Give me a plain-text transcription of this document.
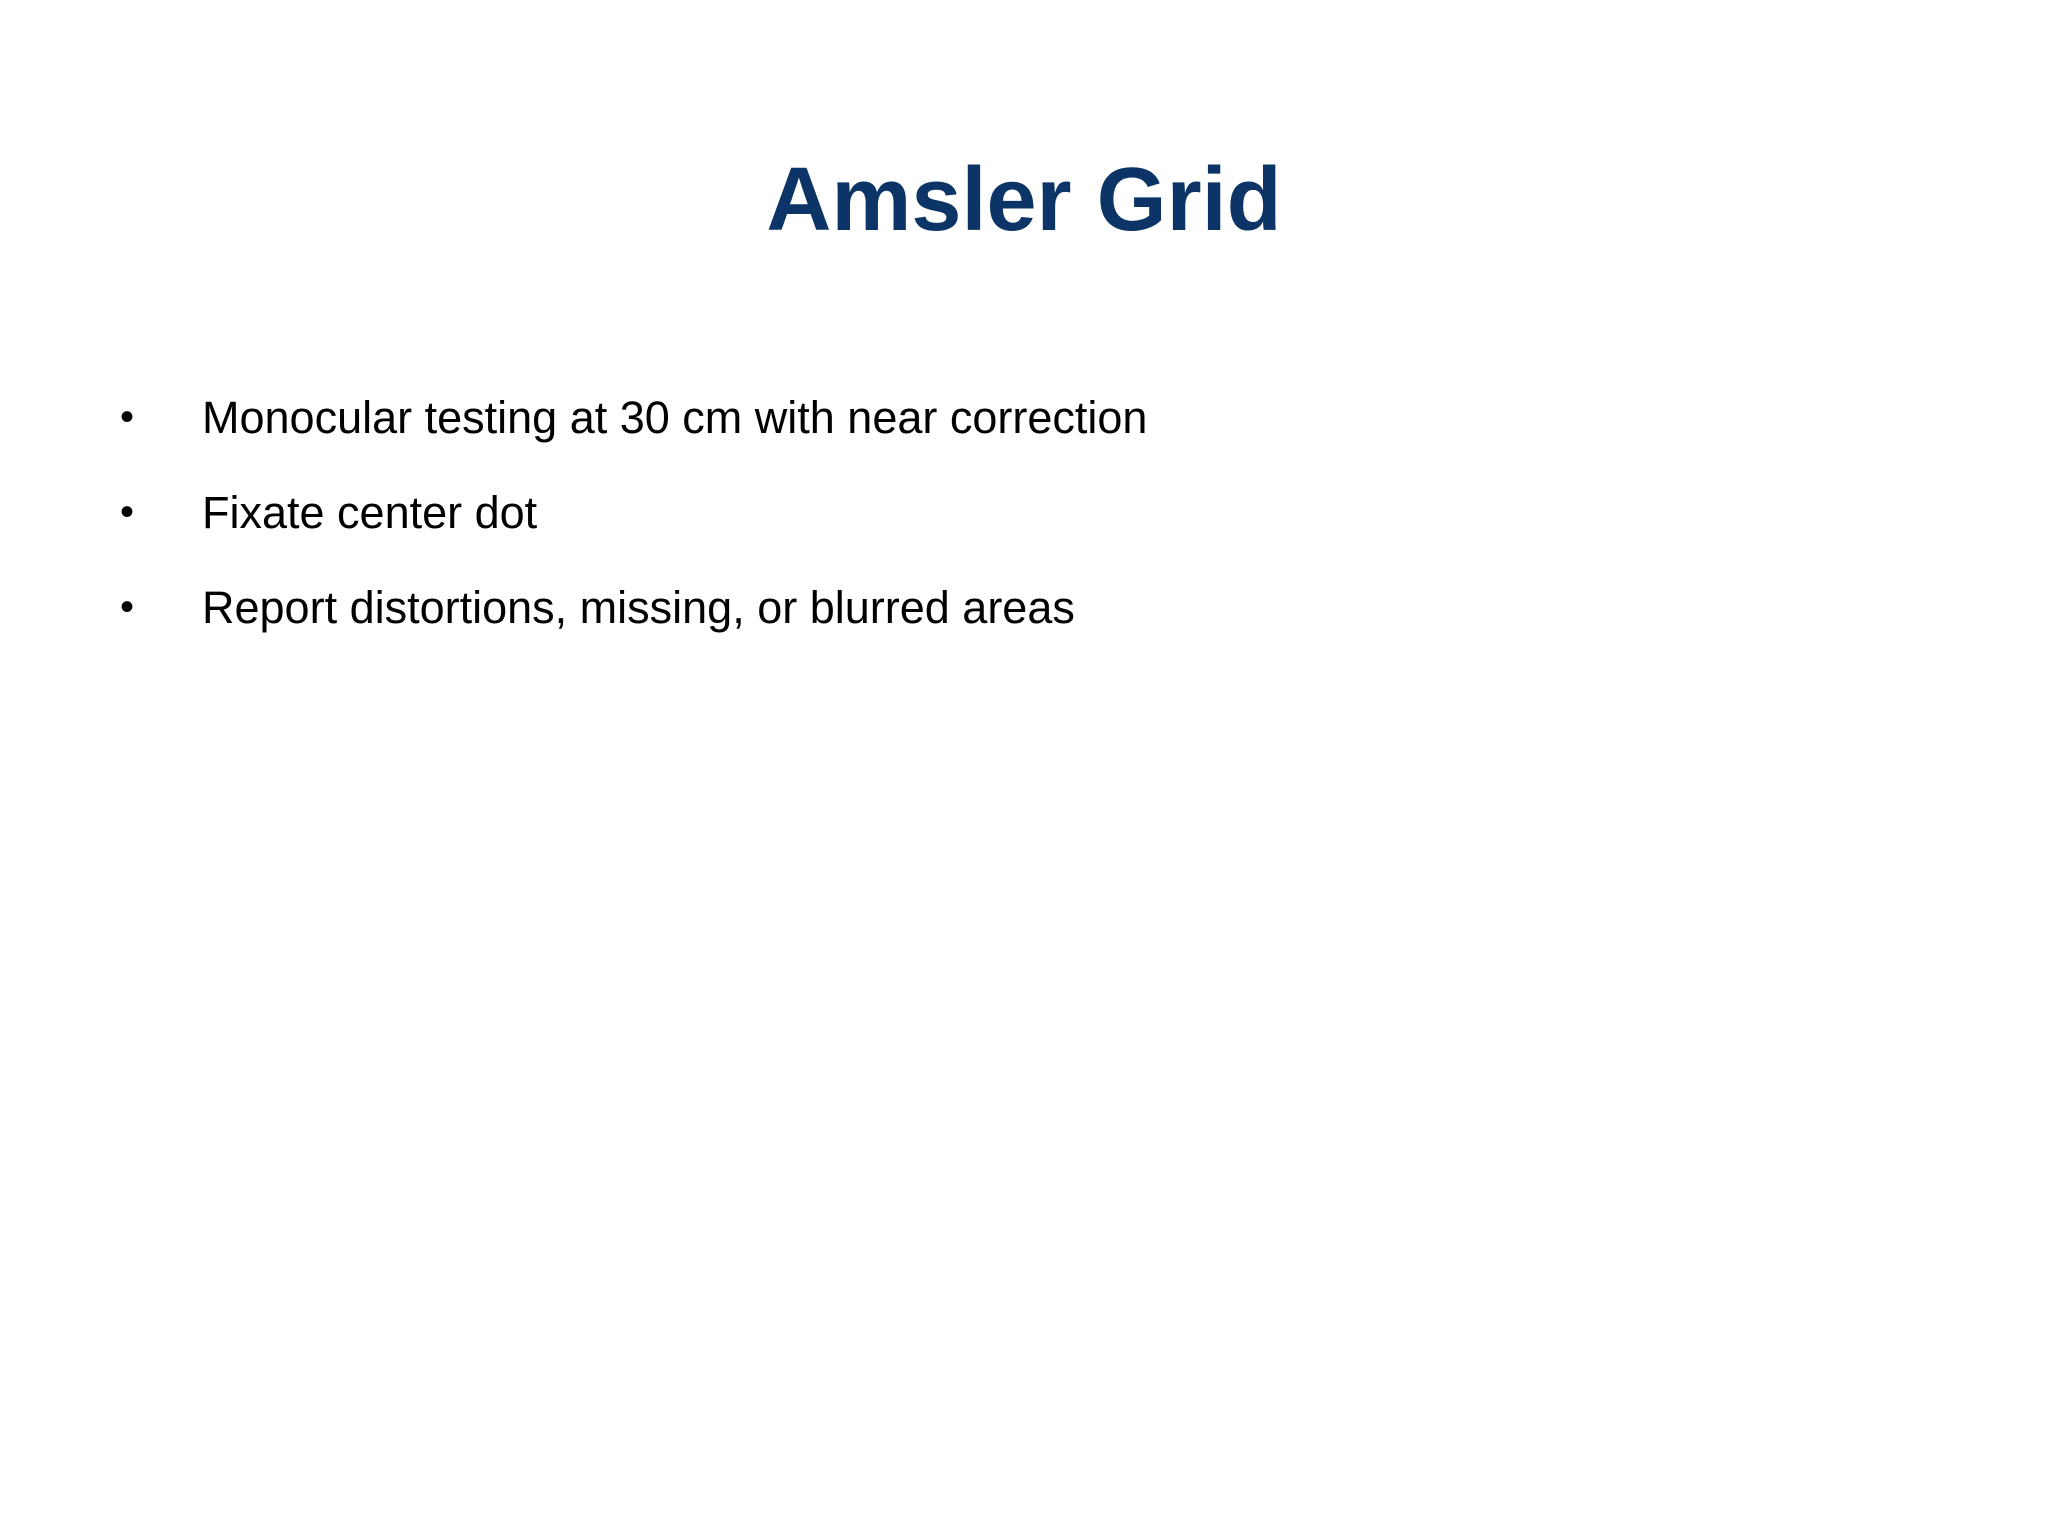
Amsler Grid
• Monocular testing at 30 cm with near correction
• Fixate center dot
• Report distortions, missing, or blurred areas
